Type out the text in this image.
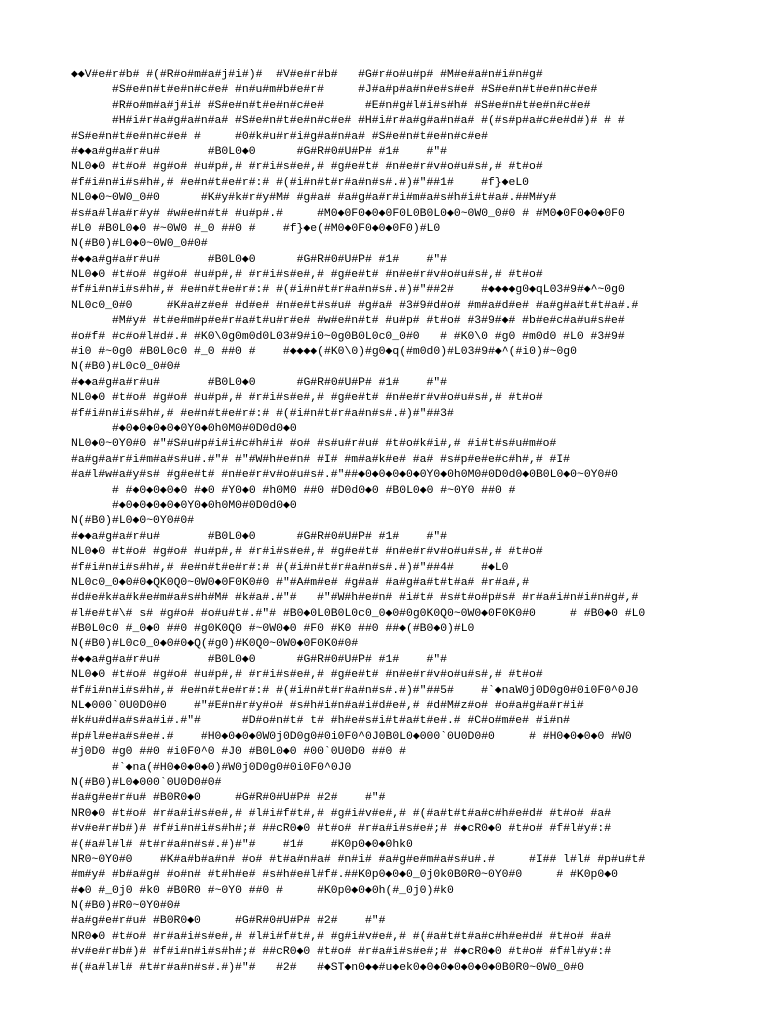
◆◆V#e#r#b# #(#R#o#m#a#j#i#)#  #V#e#r#b#   #G#r#o#u#p# #M#e#a#n#i#n#g#
#S#e#n#t#e#n#c#e# #n#u#m#b#e#r#     #J#a#p#a#n#e#s#e# #S#e#n#t#e#n#c#e#
#R#o#m#a#j#i# #S#e#n#t#e#n#c#e#      #E#n#g#l#i#s#h# #S#e#n#t#e#n#c#e#
#H#i#r#a#g#a#n#a# #S#e#n#t#e#n#c#e# #H#i#r#a#g#a#n#a# #(#s#p#a#c#e#d#)# # #
#S#e#n#t#e#n#c#e# #     #0#k#u#r#i#g#a#n#a# #S#e#n#t#e#n#c#e#
#◆◆a#g#a#r#u#       #B0L0◆0      #G#R#0#U#P# #1#    #"#
NL0◆0 #t#o# #g#o# #u#p#,# #r#i#s#e#,# #g#e#t# #n#e#r#v#o#u#s#,# #t#o#
#f#i#n#i#s#h#,# #e#n#t#e#r#:# #(#i#n#t#r#a#n#s#.#)#"##1#    #f}◆eL0
NL0◆0~0W0_0#0      #K#y#k#r#y#M# #g#a# #a#g#a#r#i#m#a#s#h#i#t#a#.##M#y#
#s#a#l#a#r#y# #w#e#n#t# #u#p#.#     #M0◆0F0◆0◆0F0L0B0L0◆0~0W0_0#0 # #M0◆0F0◆0◆0F0
#L0 #B0L0◆0 #~0W0 #_0 ##0 #    #f}◆e(#M0◆0F0◆0◆0F0)#L0
N(#B0)#L0◆0~0W0_0#0#
#◆◆a#g#a#r#u#       #B0L0◆0      #G#R#0#U#P# #1#    #"#
NL0◆0 #t#o# #g#o# #u#p#,# #r#i#s#e#,# #g#e#t# #n#e#r#v#o#u#s#,# #t#o#
#f#i#n#i#s#h#,# #e#n#t#e#r#:# #(#i#n#t#r#a#n#s#.#)#"##2#    #◆◆◆◆g0◆qL03#9#◆^~0g0
NL0c0_0#0     #K#a#z#e# #d#e# #n#e#t#s#u# #g#a# #3#9#d#o# #m#a#d#e# #a#g#a#t#t#a#.#
#M#y# #t#e#m#p#e#r#a#t#u#r#e# #w#e#n#t# #u#p# #t#o# #3#9#◆# #b#e#c#a#u#s#e#
#o#f# #c#o#l#d#.# #K0\0g0m0d0L03#9#i0~0g0B0L0c0_0#0   # #K0\0 #g0 #m0d0 #L0 #3#9#
#i0 #~0g0 #B0L0c0 #_0 ##0 #    #◆◆◆◆(#K0\0)#g0◆q(#m0d0)#L03#9#◆^(#i0)#~0g0
N(#B0)#L0c0_0#0#
#◆◆a#g#a#r#u#       #B0L0◆0      #G#R#0#U#P# #1#    #"#
NL0◆0 #t#o# #g#o# #u#p#,# #r#i#s#e#,# #g#e#t# #n#e#r#v#o#u#s#,# #t#o#
#f#i#n#i#s#h#,# #e#n#t#e#r#:# #(#i#n#t#r#a#n#s#.#)#"##3#
#◆0◆0◆0◆0◆0Y0◆0h0M0#0D0d0◆0
NL0◆0~0Y0#0 #"#S#u#p#i#i#c#h#i# #o# #s#u#r#u# #t#o#k#i#,# #i#t#s#u#m#o#
#a#g#a#r#i#m#a#s#u#.#"# #"#W#h#e#n# #I# #m#a#k#e# #a# #s#p#e#e#c#h#,# #I#
#a#l#w#a#y#s# #g#e#t# #n#e#r#v#o#u#s#.#"##◆0◆0◆0◆0◆0Y0◆0h0M0#0D0d0◆0B0L0◆0~0Y0#0
# #◆0◆0◆0◆0 #◆0 #Y0◆0 #h0M0 ##0 #D0d0◆0 #B0L0◆0 #~0Y0 ##0 #
#◆0◆0◆0◆0◆0Y0◆0h0M0#0D0d0◆0
N(#B0)#L0◆0~0Y0#0#
#◆◆a#g#a#r#u#       #B0L0◆0      #G#R#0#U#P# #1#    #"#
NL0◆0 #t#o# #g#o# #u#p#,# #r#i#s#e#,# #g#e#t# #n#e#r#v#o#u#s#,# #t#o#
#f#i#n#i#s#h#,# #e#n#t#e#r#:# #(#i#n#t#r#a#n#s#.#)#"##4#    #◆L0
NL0c0_0◆0#0◆QK0Q0~0W0◆0F0K0#0 #"#A#m#e# #g#a# #a#g#a#t#t#a# #r#a#,#
#d#e#k#a#k#e#m#a#s#h#M# #k#a#.#"#   #"#W#h#e#n# #i#t# #s#t#o#p#s# #r#a#i#n#i#n#g#,#
#l#e#t#\# s# #g#o# #o#u#t#.#"# #B0◆0L0B0L0c0_0◆0#0g0K0Q0~0W0◆0F0K0#0     # #B0◆0 #L0
#B0L0c0 #_0◆0 ##0 #g0K0Q0 #~0W0◆0 #F0 #K0 ##0 ##◆(#B0◆0)#L0
N(#B0)#L0c0_0◆0#0◆Q(#g0)#K0Q0~0W0◆0F0K0#0#
#◆◆a#g#a#r#u#       #B0L0◆0      #G#R#0#U#P# #1#    #"#
NL0◆0 #t#o# #g#o# #u#p#,# #r#i#s#e#,# #g#e#t# #n#e#r#v#o#u#s#,# #t#o#
#f#i#n#i#s#h#,# #e#n#t#e#r#:# #(#i#n#t#r#a#n#s#.#)#"##5#    #`◆naW0j0D0g0#0i0F0^0J0
NL◆000`0U0D0#0    #"#E#n#r#y#o# #s#h#i#n#a#i#d#e#,# #d#M#z#o# #o#a#g#a#r#i#
#k#u#d#a#s#a#i#.#"#      #D#o#n#t# t# #h#e#s#i#t#a#t#e#.# #C#o#m#e# #i#n#
#p#l#e#a#s#e#.#    #H0◆0◆0◆0W0j0D0g0#0i0F0^0J0B0L0◆000`0U0D0#0     # #H0◆0◆0◆0 #W0
#j0D0 #g0 ##0 #i0F0^0 #J0 #B0L0◆0 #00`0U0D0 ##0 #
#`◆na(#H0◆0◆0◆0)#W0j0D0g0#0i0F0^0J0
N(#B0)#L0◆000`0U0D0#0#
#a#g#e#r#u# #B0R0◆0     #G#R#0#U#P# #2#    #"#
NR0◆0 #t#o# #r#a#i#s#e#,# #l#i#f#t#,# #g#i#v#e#,# #(#a#t#t#a#c#h#e#d# #t#o# #a#
#v#e#r#b#)# #f#i#n#i#s#h#;# ##cR0◆0 #t#o# #r#a#i#s#e#;# #◆cR0◆0 #t#o# #f#l#y#:#
#(#a#l#l# #t#r#a#n#s#.#)#"#    #1#    #K0p0◆0◆0hk0
NR0~0Y0#0    #K#a#b#a#n# #o# #t#a#n#a# #n#i# #a#g#e#m#a#s#u#.#     #I## l#l# #p#u#t#
#m#y# #b#a#g# #o#n# #t#h#e# #s#h#e#l#f#.##K0p0◆0◆0_0j0k0B0R0~0Y0#0     # #K0p0◆0
#◆0 #_0j0 #k0 #B0R0 #~0Y0 ##0 #     #K0p0◆0◆0h(#_0j0)#k0
N(#B0)#R0~0Y0#0#
#a#g#e#r#u# #B0R0◆0     #G#R#0#U#P# #2#    #"#
NR0◆0 #t#o# #r#a#i#s#e#,# #l#i#f#t#,# #g#i#v#e#,# #(#a#t#t#a#c#h#e#d# #t#o# #a#
#v#e#r#b#)# #f#i#n#i#s#h#;# ##cR0◆0 #t#o# #r#a#i#s#e#;# #◆cR0◆0 #t#o# #f#l#y#:#
#(#a#l#l# #t#r#a#n#s#.#)#"#   #2#   #◆ST◆n0◆◆#u◆ek0◆0◆0◆0◆0◆0◆0B0R0~0W0_0#0
